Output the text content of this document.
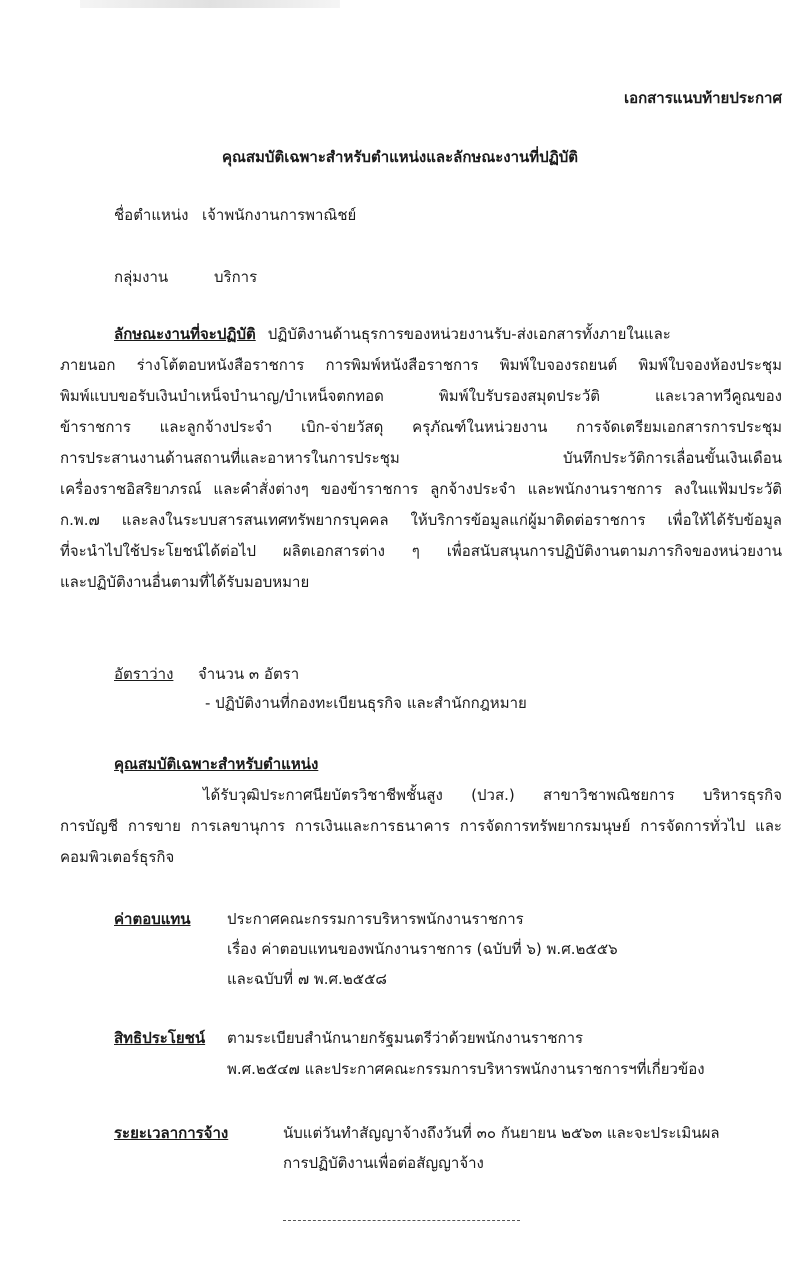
เอกสารแนบท้ายประกาศ
คุณสมบัติเฉพาะสำหรับตำแหน่งและลักษณะงานที่ปฏิบัติ
ชื่อตำแหน่ง เจ้าพนักงานการพาณิชย์
กลุ่มงาน	บริการ
ลักษณะงานที่จะปฏิบัติ ปฏิบัติงานด้านธุรการของหน่วยงานรับ-ส่งเอกสารทั้งภายในและ
ภายนอก ร่างโต้ตอบหนังสือราชการ การพิมพ์หนังสือราชการ พิมพ์ใบจองรถยนต์ พิมพ์ใบจองห้องประชุม
พิมพ์แบบขอรับเงินบำเหน็จบำนาญ/บำเหน็จตกทอด พิมพ์ใบรับรองสมุดประวัติ และเวลาทวีคูณของ
ข้าราชการ และลูกจ้างประจำ เบิก-จ่ายวัสดุ ครุภัณฑ์ในหน่วยงาน การจัดเตรียมเอกสารการประชุม
การประสานงานด้านสถานที่และอาหารในการประชุม บันทึกประวัติการเลื่อนขั้นเงินเดือน
เครื่องราชอิสริยาภรณ์ และคำสั่งต่างๆ ของข้าราชการ ลูกจ้างประจำ และพนักงานราชการ ลงในแฟ้มประวัติ
ก.พ.๗ และลงในระบบสารสนเทศทรัพยากรบุคคล ให้บริการข้อมูลแก่ผู้มาติดต่อราชการ เพื่อให้ได้รับข้อมูล
ที่จะนำไปใช้ประโยชน์ได้ต่อไป ผลิตเอกสารต่าง ๆ เพื่อสนับสนุนการปฏิบัติงานตามภารกิจของหน่วยงาน
และปฏิบัติงานอื่นตามที่ได้รับมอบหมาย
อัตราว่าง จำนวน ๓ อัตรา
- ปฏิบัติงานที่กองทะเบียนธุรกิจ และสำนักกฎหมาย
คุณสมบัติเฉพาะสำหรับตำแหน่ง
ได้รับวุฒิประกาศนียบัตรวิชาชีพชั้นสูง (ปวส.) สาขาวิชาพณิชยการ บริหารธุรกิจ
การบัญชี การขาย การเลขานุการ การเงินและการธนาคาร การจัดการทรัพยากรมนุษย์ การจัดการทั่วไป และ
คอมพิวเตอร์ธุรกิจ
ค่าตอบแทน ประกาศคณะกรรมการบริหารพนักงานราชการ
เรื่อง ค่าตอบแทนของพนักงานราชการ (ฉบับที่ ๖) พ.ศ.๒๕๕๖
และฉบับที่ ๗ พ.ศ.๒๕๕๘
สิทธิประโยชน์ ตามระเบียบสำนักนายกรัฐมนตรีว่าด้วยพนักงานราชการ
พ.ศ.๒๕๔๗ และประกาศคณะกรรมการบริหารพนักงานราชการฯที่เกี่ยวข้อง
ระยะเวลาการจ้าง	นับแต่วันทำสัญญาจ้างถึงวันที่ ๓๐ กันยายน ๒๕๖๓ และจะประเมินผล
การปฏิบัติงานเพื่อต่อสัญญาจ้าง
